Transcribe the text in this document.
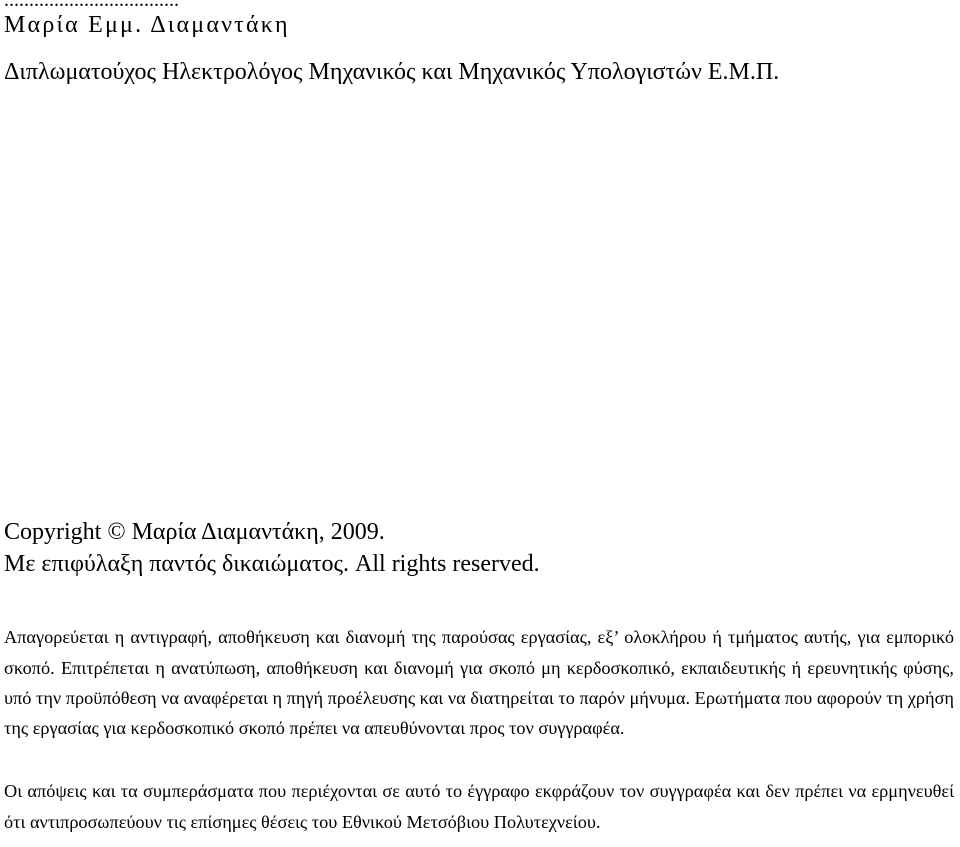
...................................
Μαρία Εμμ. Διαμαντάκη
Διπλωματούχος Ηλεκτρολόγος Μηχανικός και Μηχανικός Υπολογιστών Ε.Μ.Π.
Copyright © Μαρία Διαμαντάκη, 2009.
Με επιφύλαξη παντός δικαιώματος. All rights reserved.

Απαγορεύεται η αντιγραφή, αποθήκευση και διανομή της παρούσας εργασίας, εξ’ ολοκλήρου ή τμήματος αυτής, για εμπορικό σκοπό. Επιτρέπεται η ανατύπωση, αποθήκευση και διανομή για σκοπό μη κερδοσκοπικό, εκπαιδευτικής ή ερευνητικής φύσης, υπό την προϋπόθεση να αναφέρεται η πηγή προέλευσης και να διατηρείται το παρόν μήνυμα. Ερωτήματα που αφορούν τη χρήση της εργασίας για κερδοσκοπικό σκοπό πρέπει να απευθύνονται προς τον συγγραφέα.

Οι απόψεις και τα συμπεράσματα που περιέχονται σε αυτό το έγγραφο εκφράζουν τον συγγραφέα και δεν πρέπει να ερμηνευθεί ότι αντιπροσωπεύουν τις επίσημες θέσεις του Εθνικού Μετσόβιου Πολυτεχνείου.
